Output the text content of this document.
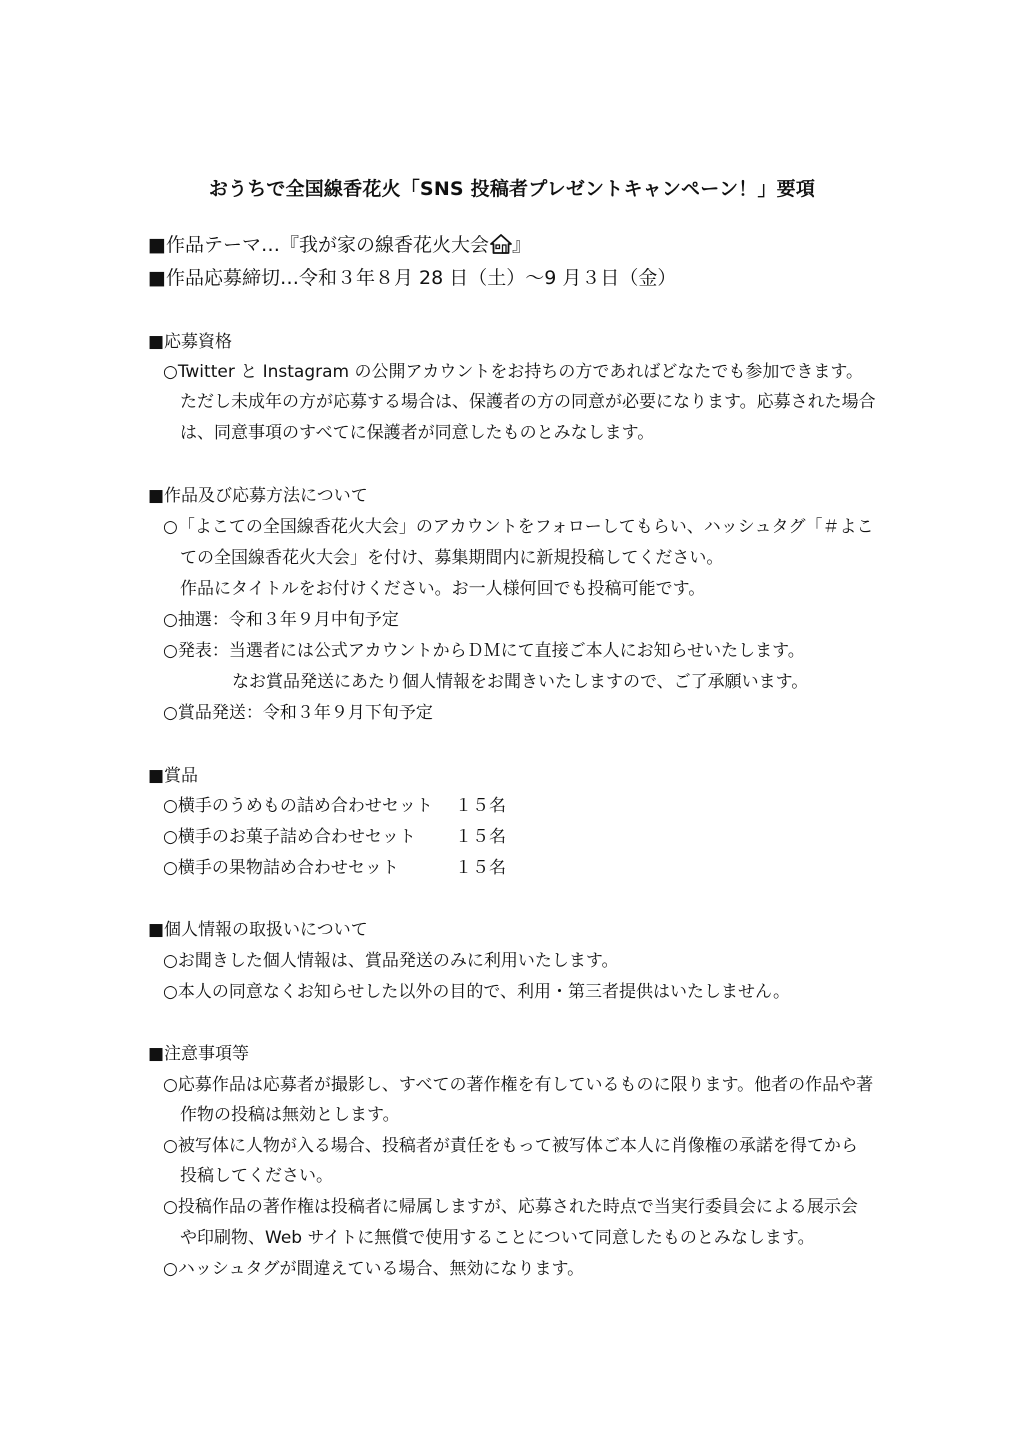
おうちで全国線香花火「SNS 投稿者プレゼントキャンペーン！」要項
■作品テーマ…『我が家の線香花火大会 』
■作品応募締切…令和３年８月 28 日（土）～9 月３日（金）
■応募資格
○Twitter と Instagram の公開アカウントをお持ちの方であればどなたでも参加できます。
ただし未成年の方が応募する場合は、保護者の方の同意が必要になります。応募された場合
は、同意事項のすべてに保護者が同意したものとみなします。
■作品及び応募方法について
○「よこての全国線香花火大会」のアカウントをフォローしてもらい、ハッシュタグ「＃よこ
ての全国線香花火大会」を付け、募集期間内に新規投稿してください。
作品にタイトルをお付けください。お一人様何回でも投稿可能です。
○抽選：令和３年９月中旬予定
○発表：当選者には公式アカウントからＤＭにて直接ご本人にお知らせいたします。
なお賞品発送にあたり個人情報をお聞きいたしますので、ご了承願います。
○賞品発送：令和３年９月下旬予定
■賞品
○横手のうめもの詰め合わせセット １５名
○横手のお菓子詰め合わせセット １５名
○横手の果物詰め合わせセット	１５名
■個人情報の取扱いについて
○お聞きした個人情報は、賞品発送のみに利用いたします。
○本人の同意なくお知らせした以外の目的で、利用・第三者提供はいたしません。
■注意事項等
○応募作品は応募者が撮影し、すべての著作権を有しているものに限ります。他者の作品や著
作物の投稿は無効とします。
○被写体に人物が入る場合、投稿者が責任をもって被写体ご本人に肖像権の承諾を得てから
投稿してください。
○投稿作品の著作権は投稿者に帰属しますが、応募された時点で当実行委員会による展示会
や印刷物、Web サイトに無償で使用することについて同意したものとみなします。
○ハッシュタグが間違えている場合、無効になります。
